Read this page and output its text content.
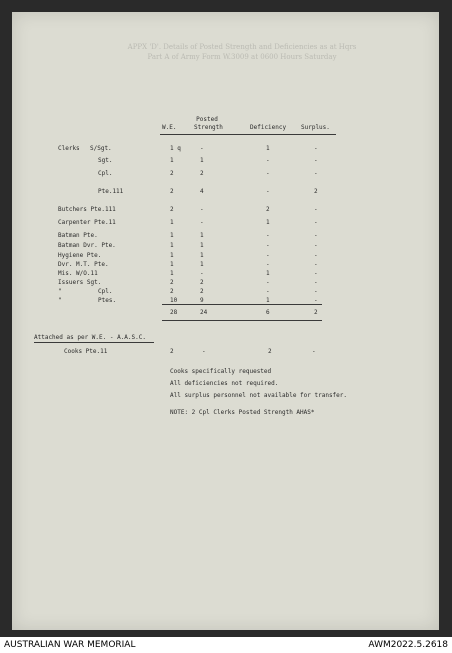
APPX 'D'. Details of Posted Strength and Deficiencies as at Hqrs
Part A of Army Form W.3009 at 0600 Hours Saturday
W.E.
Posted
Strength	Deficiency Surplus.
Clerks S/Sgt.	1 q	-	1	-
Sgt.	1	1	-	-
Cpl.	2	2	-	-
Pte.111	2	4	-	2
Butchers Pte.111	2	-	2	-
Carpenter Pte.11	1	-	1	-
Batman Pte.	1	1	-	-
Batman Dvr. Pte.	1	1	-	-
Hygiene Pte.	1	1	-	-
Dvr. M.T. Pte.	1	1	-	-
Mis. W/O.11	1	-	1	-
Issuers Sgt.	2	2	-	-
"	Cpl.	2	2	-	-
"	Ptes.	10	9	1	-
28	24	6	2
Attached as per W.E. - A.A.S.C.
Cooks Pte.11	2	-	2	-
Cooks specifically requested
All deficiencies not required.
All surplus personnel not available for transfer.
NOTE: 2 Cpl Clerks Posted Strength AHAS*
AUSTRALIAN WAR MEMORIAL	AWM2022.5.2618
